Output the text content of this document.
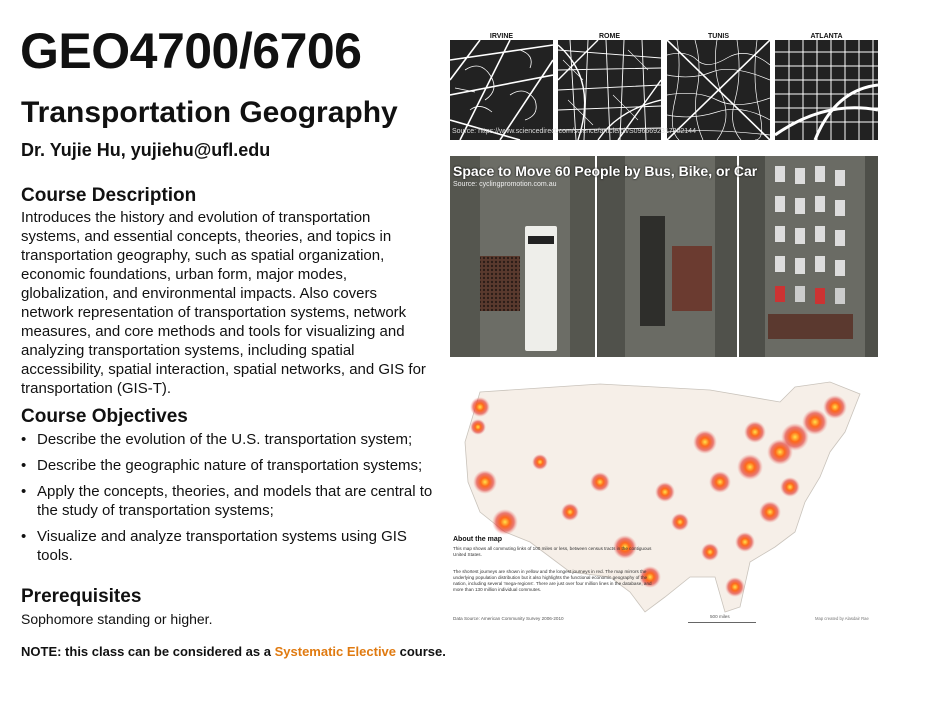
GEO4700/6706
Transportation Geography
Dr. Yujie Hu, yujiehu@ufl.edu
Course Description
Introduces the history and evolution of transportation systems, and essential concepts, theories, and topics in transportation geography, such as spatial organization, economic foundations, urban form, major modes, globalization, and environmental impacts. Also covers network representation of transportation systems, network measures, and core methods and tools for visualizing and analyzing transportation systems, including spatial accessibility, spatial interaction, spatial networks, and GIS for transportation (GIS-T).
Course Objectives
• Describe the evolution of the U.S. transportation system;
• Describe the geographic nature of transportation systems;
• Apply the concepts, theories, and models that are central to the study of transportation systems;
• Visualize and analyze transportation systems using GIS tools.
Prerequisites
Sophomore standing or higher.
NOTE: this class can be considered as a Systematic Elective course.
IRVINE	ROME	TUNIS	ATLANTA
Source: https://www.sciencedirect.com/science/article/pii/S0966692317302144
Space to Move 60 People by Bus, Bike, or Car
Source: cyclingpromotion.com.au
About the map
This map shows all commuting links of 100 miles or less, between census tracts in the contiguous United States.
The shortest journeys are shown in yellow and the longest journeys in red. The map mirrors the underlying population distribution but it also highlights the functional economic geography of the nation, including several 'mega-regions'. There are just over four million lines in the database, and more than 130 million individual commutes.
Data Source: American Community Survey 2006-2010	500 miles	Map created by Alasdair Rae
